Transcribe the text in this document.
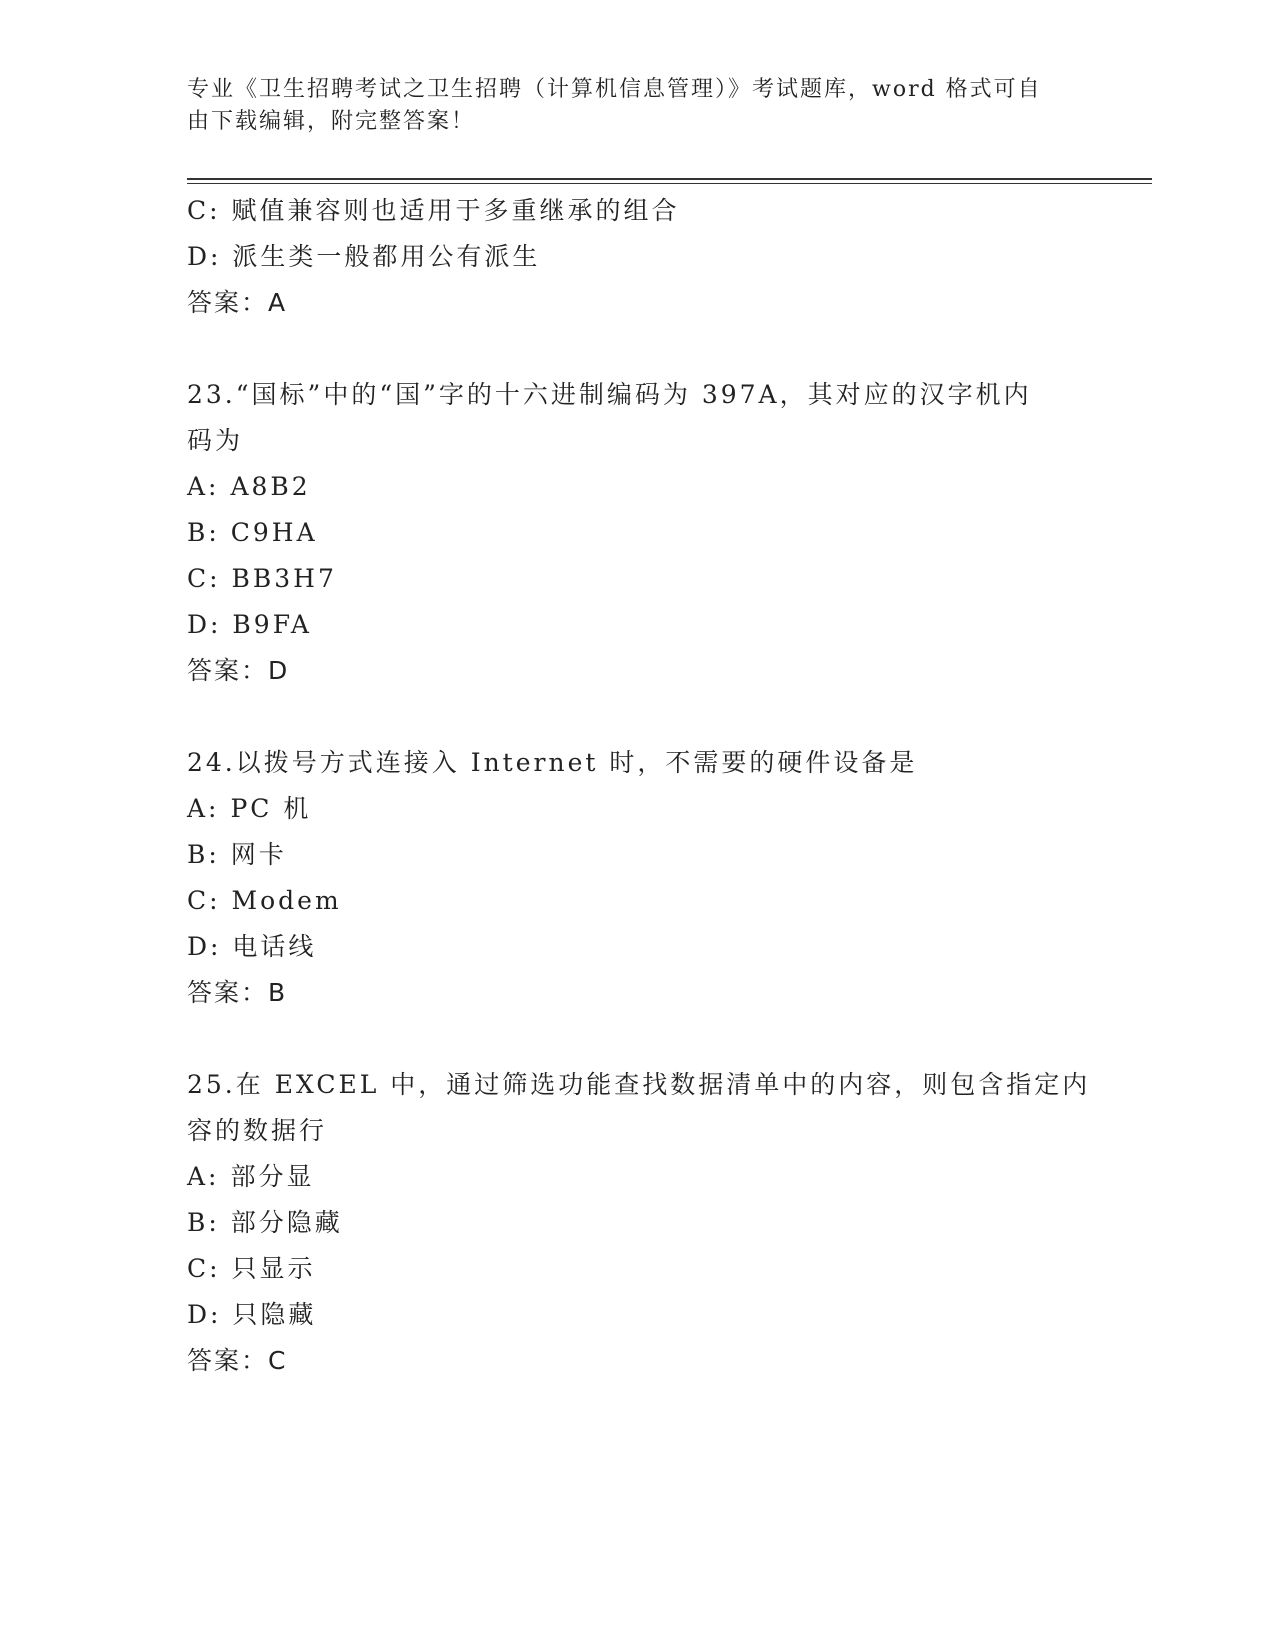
专业《卫生招聘考试之卫生招聘（计算机信息管理）》考试题库，word 格式可自
由下载编辑，附完整答案！
C: 赋值兼容则也适用于多重继承的组合
D: 派生类一般都用公有派生
答案：A
23.“国标”中的“国”字的十六进制编码为 397A，其对应的汉字机内
码为
A: A8B2
B: C9HA
C: BB3H7
D: B9FA
答案：D
24.以拨号方式连接入 Internet 时，不需要的硬件设备是
A: PC 机
B: 网卡
C: Modem
D: 电话线
答案：B
25.在 EXCEL 中，通过筛选功能查找数据清单中的内容，则包含指定内
容的数据行
A: 部分显
B: 部分隐藏
C: 只显示
D: 只隐藏
答案：C
